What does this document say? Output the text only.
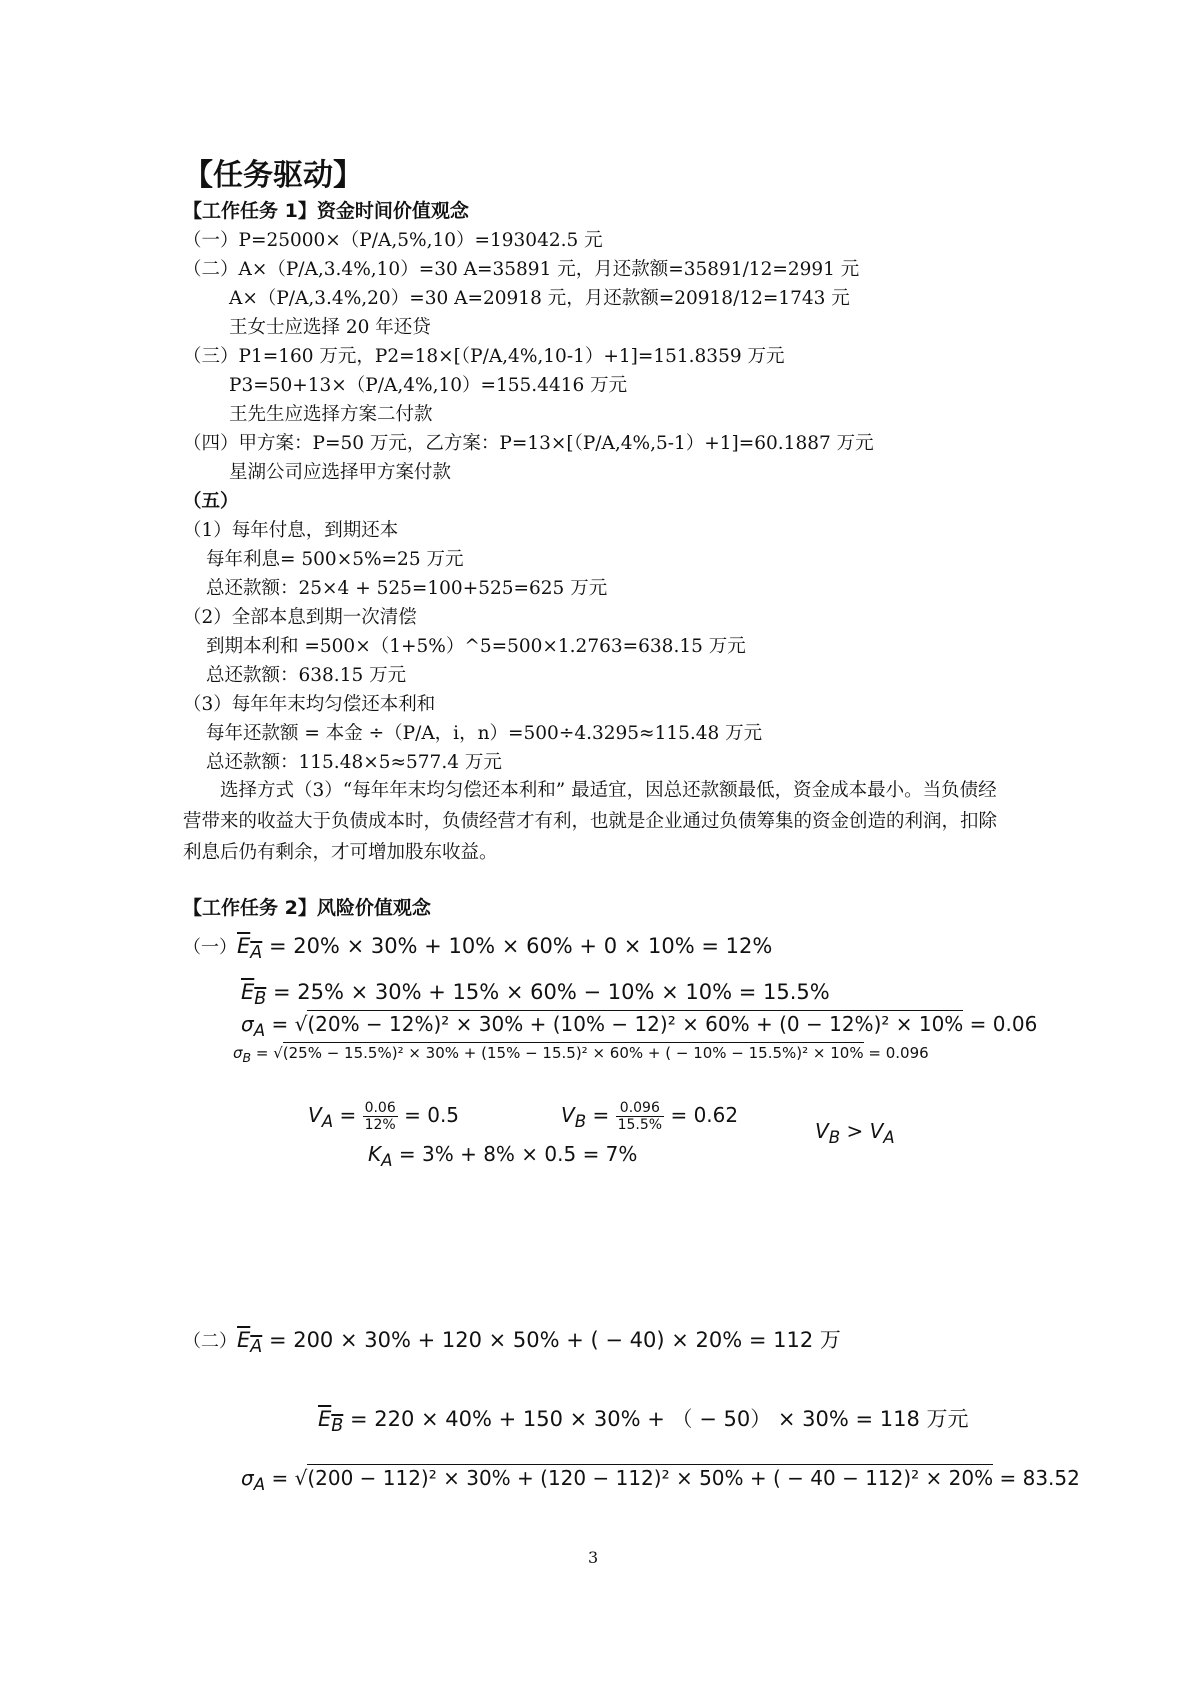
【任务驱动】
【工作任务 1】资金时间价值观念
（一）P=25000×（P/A,5%,10）=193042.5 元
（二）A×（P/A,3.4%,10）=30 A=35891 元，月还款额=35891/12=2991 元
A×（P/A,3.4%,20）=30 A=20918 元，月还款额=20918/12=1743 元
王女士应选择 20 年还贷
（三）P1=160 万元，P2=18×[（P/A,4%,10-1）+1]=151.8359 万元
P3=50+13×（P/A,4%,10）=155.4416 万元
王先生应选择方案二付款
（四）甲方案：P=50 万元，乙方案：P=13×[（P/A,4%,5-1）+1]=60.1887 万元
星湖公司应选择甲方案付款
（五）
（1）每年付息，到期还本
每年利息= 500×5%=25 万元
总还款额：25×4 + 525=100+525=625 万元
（2）全部本息到期一次清偿
到期本利和 =500×（1+5%）^5=500×1.2763=638.15 万元
总还款额：638.15 万元
（3）每年年末均匀偿还本利和
每年还款额 = 本金 ÷（P/A，i，n）=500÷4.3295≈115.48 万元
总还款额：115.48×5≈577.4 万元
选择方式（3）“每年年末均匀偿还本利和” 最适宜，因总还款额最低，资金成本最小。当负债经营带来的收益大于负债成本时，负债经营才有利，也就是企业通过负债筹集的资金创造的利润，扣除利息后仍有剩余，才可增加股东收益。
【工作任务 2】风险价值观念
（一）$E_A = 20\% \times 30\% + 10\% \times 60\% + 0 \times 10\% = 12\%$
$E_B = 25\% \times 30\% + 15\% \times 60\% - 10\% \times 10\% = 15.5\%$
$\sigma_A = √(20\% - 12\%)^2 \times 30\% + (10\% - 12)^2 \times 60\% + (0 - 12\%)^2 \times 10\% = 0.06$
$\sigma_B = √(25\% - 15.5\%)^2 \times 30\% + (15\% - 15.5)^2 \times 60\%$ + ( − 10% − 15.5%)² × 10% = 0.096
$V_A = \frac{0.06}{12\%} = 0.5$	$V_B = \frac{0.096}{15.5\%} = 0.62$
$V_B > V_A$
$K_A = 3\% + 8\% \times 0.5 = 7\%$
（二）$E_A = 200 \times 30\% + 120 \times 50\%$ + ( − 40) × 20% = 112 万
$E_B = 220 \times 40\% + 150 \times 30\%$ + （ − 50） × 30% = 118 万元
$\sigma_A = √(200 - 112)^2 \times 30\% + (120 - 112)^2 \times 50\%$ + ( − 40 − 112)² × 20% = 83.52
3
